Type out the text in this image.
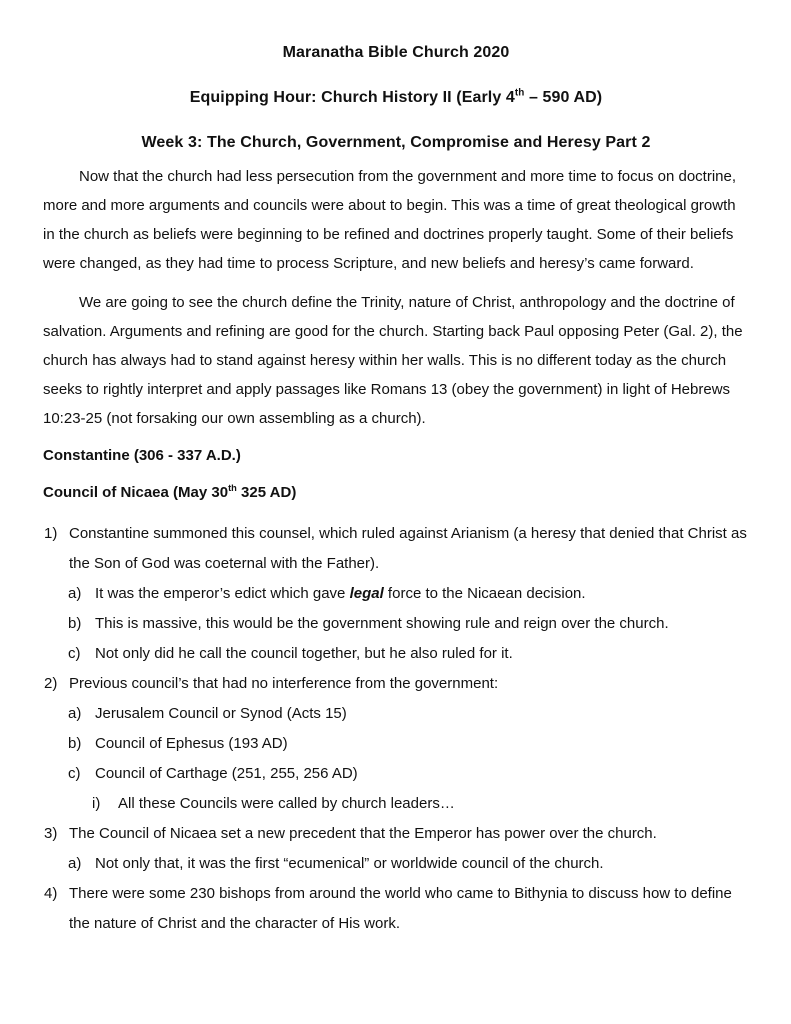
Maranatha Bible Church 2020

Equipping Hour: Church History II (Early 4th – 590 AD)

Week 3: The Church, Government, Compromise and Heresy Part 2

Now that the church had less persecution from the government and more time to focus on doctrine, more and more arguments and councils were about to begin. This was a time of great theological growth in the church as beliefs were beginning to be refined and doctrines properly taught. Some of their beliefs were changed, as they had time to process Scripture, and new beliefs and heresy’s came forward.

We are going to see the church define the Trinity, nature of Christ, anthropology and the doctrine of salvation. Arguments and refining are good for the church. Starting back Paul opposing Peter (Gal. 2), the church has always had to stand against heresy within her walls. This is no different today as the church seeks to rightly interpret and apply passages like Romans 13 (obey the government) in light of Hebrews 10:23-25 (not forsaking our own assembling as a church).

Constantine (306 - 337 A.D.)

Council of Nicaea (May 30th 325 AD)

1) Constantine summoned this counsel, which ruled against Arianism (a heresy that denied that Christ as the Son of God was coeternal with the Father).
a) It was the emperor’s edict which gave legal force to the Nicaean decision.
b) This is massive, this would be the government showing rule and reign over the church.
c) Not only did he call the council together, but he also ruled for it.
2) Previous council’s that had no interference from the government:
a) Jerusalem Council or Synod (Acts 15)
b) Council of Ephesus (193 AD)
c) Council of Carthage (251, 255, 256 AD)
i)	All these Councils were called by church leaders…
3) The Council of Nicaea set a new precedent that the Emperor has power over the church.
a) Not only that, it was the first “ecumenical” or worldwide council of the church.
4) There were some 230 bishops from around the world who came to Bithynia to discuss how to define the nature of Christ and the character of His work.
